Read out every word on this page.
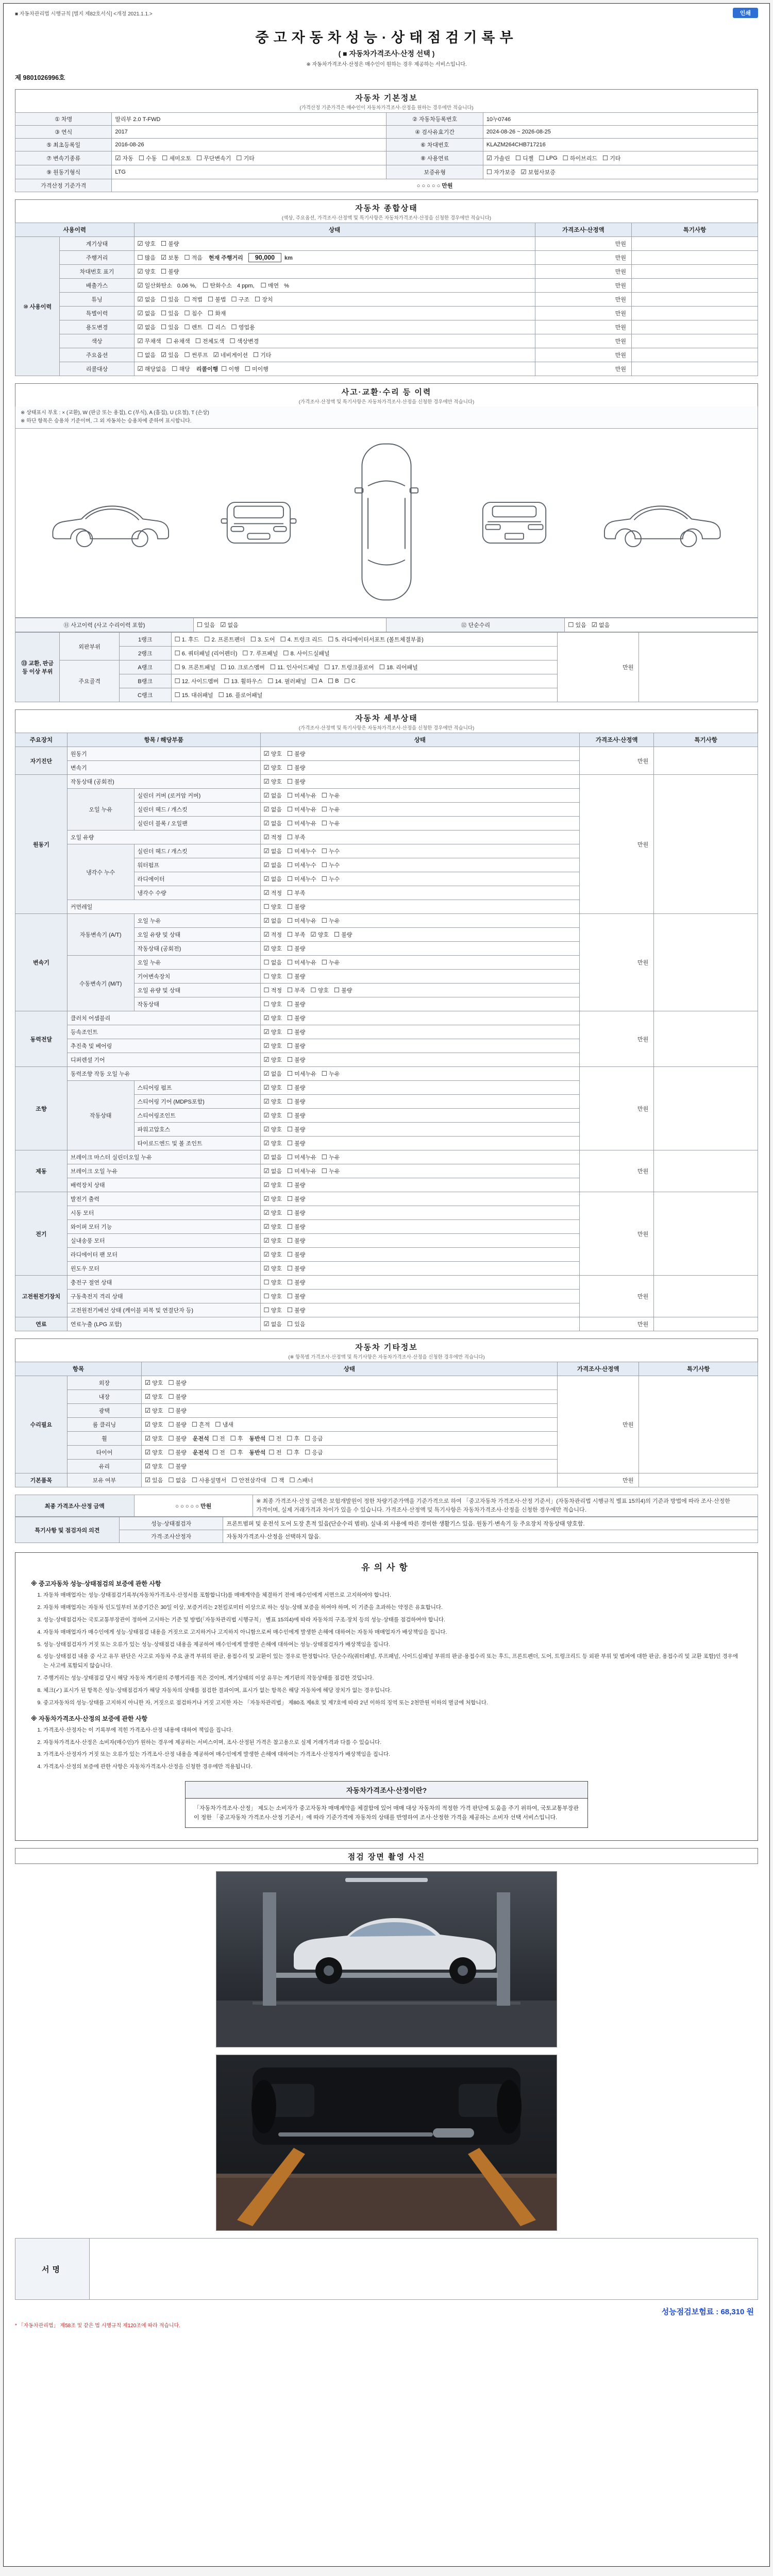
■ 자동차관리법 시행규칙 [별지 제82호서식] <개정 2021.1.1.>	인쇄
중고자동차성능·상태점검기록부
( ■ 자동차가격조사·산정 선택 )
※ 자동차가격조사·산정은 매수인이 원하는 경우 제공하는 서비스입니다.
제 9801026996호
자동차 기본정보
(가격산정 기준가격은 매수인이 자동차가격조사·산정을 원하는 경우에만 적습니다)
① 차명	말리부 2.0 T-FWD	② 자동차등록번호	10누0746
③ 연식	2017	④ 검사유효기간	2024-08-26 ~ 2026-08-25
⑤ 최초등록일	2016-08-26	⑥ 차대번호	KLAZM264CHB717216
⑦ 변속기종류	☑ 자동 ☐ 수동 ☐ 세미오토 ☐ 무단변속기 ☐ 기타	⑧ 사용연료	☑ 가솔린 ☐ 디젤 ☐ LPG ☐ 하이브리드 ☐ 기타

⑨ 원동기형식	LTG	보증유형	☐ 자가보증 ☑ 보험사보증

가격산정 기준가격	○ ○ ○ ○ ○ 만원		
자동차 종합상태
(색상, 주요옵션, 가격조사·산정액 및 특기사항은 자동차가격조사·산정을 신청한 경우에만 적습니다)
사용이력		상태	가격조사·산정액	특기사항
⑩ 사용이력	계기상태	☑ 양호 ☐ 불량	만원	
주행거리	☐ 많음 ☑ 보통 ☐ 적음 현재 주행거리 90,000 km	만원	
	차대번호 표기	☑ 양호 ☐ 불량	만원	
배출가스	☑ 일산화탄소 0.06 %, ☐ 탄화수소 4 ppm, ☐ 매연 %	만원	
튜닝	☑ 없음 ☐ 있음 ☐ 적법 ☐ 불법 ☐ 구조 ☐ 장치	만원	
특별이력	☑ 없음 ☐ 있음 ☐ 침수 ☐ 화재	만원	
용도변경	☑ 없음 ☐ 있음 ☐ 렌트 ☐ 리스 ☐ 영업용	만원	
색상	☑ 무채색 ☐ 유채색 ☐ 전체도색 ☐ 색상변경	만원	
주요옵션	☐ 없음 ☑ 있음 ☐ 썬루프 ☑ 네비게이션 ☐ 기타	만원	
리콜대상	☑ 해당없음 ☐ 해당 리콜이행 ☐ 이행 ☐ 미이행	만원	
사고·교환·수리 등 이력
(가격조사·산정액 및 특기사항은 자동차가격조사·산정을 신청한 경우에만 적습니다)
※ 상태표시 부호 : × (교환), W (판금 또는 용접), C (부식), A (흠집), U (요철), T (손상)
※ 하단 항목은 승용차 기준이며, 그 외 자동차는 승용차에 준하여 표시합니다.
⑪ 사고이력 (사고 수리이력 포함)	☐ 있음 ☑ 없음	⑫ 단순수리	☐ 있음 ☑ 없음
⑬ 교환, 판금 등 이상 부위	외판부위	1랭크	☐ 1. 후드 ☐ 2. 프론트펜더 ☐ 3. 도어 ☐ 4. 트렁크 리드 ☐ 5. 라디에이터서포트 (볼트체결부품)
	만원	
2랭크	☐ 6. 쿼터패널 (리어펜더) ☐ 7. 루프패널 ☐ 8. 사이드실패널

주요골격	A랭크	☐ 9. 프론트패널 ☐ 10. 크로스멤버 ☐ 11. 인사이드패널 ☐ 17. 트렁크플로어 ☐ 18. 리어패널

B랭크	☐ 12. 사이드멤버 ☐ 13. 휠하우스 ☐ 14. 필러패널 ☐ A ☐ B ☐ C

		C랭크	☐ 15. 대쉬패널 ☐ 16. 플로어패널		
자동차 세부상태
(가격조사·산정액 및 특기사항은 자동차가격조사·산정을 신청한 경우에만 적습니다)
주요장치	항목 / 해당부품		상태	가격조사·산정액	특기사항
자기진단	원동기		☑ 양호 ☐ 불량	만원	
	변속기		☑ 양호 ☐ 불량		

원동기	작동상태 (공회전)		☑ 양호 ☐ 불량	만원	
오일 누유	실린더 커버 (로커암 커버)	☑ 없음 ☐ 미세누유 ☐ 누유

실린더 헤드 / 개스킷	☑ 없음 ☐ 미세누유 ☐ 누유

실린더 블록 / 오일팬	☑ 없음 ☐ 미세누유 ☐ 누유

	오일 유량		☑ 적정 ☐ 부족		

냉각수 누수	실린더 헤드 / 개스킷	☑ 없음 ☐ 미세누수 ☐ 누수

워터펌프	☑ 없음 ☐ 미세누수 ☐ 누수

라디에이터	☑ 없음 ☐ 미세누수 ☐ 누수

		냉각수 수량	☑ 적정 ☐ 부족		

	커먼레일		☐ 양호 ☐ 불량		

변속기	자동변속기 (A/T)	오일 누유	☑ 없음 ☐ 미세누유 ☐ 누유
	만원	
오일 유량 및 상태	☑ 적정 ☐ 부족 ☑ 양호 ☐ 불량

		작동상태 (공회전)	☑ 양호 ☐ 불량		

수동변속기 (M/T)	오일 누유	☐ 없음 ☐ 미세누유 ☐ 누유

		기어변속장치	☐ 양호 ☐ 불량		

오일 유량 및 상태	☐ 적정 ☐ 부족 ☐ 양호 ☐ 불량

		작동상태	☐ 양호 ☐ 불량		

동력전달	클러치 어셈블리		☑ 양호 ☐ 불량	만원	
	등속조인트		☑ 양호 ☐ 불량		

	추진축 및 베어링		☑ 양호 ☐ 불량		

	디퍼렌셜 기어		☑ 양호 ☐ 불량		

조향	동력조향 작동 오일 누유	☑ 없음 ☐ 미세누유 ☐ 누유
	만원	
	작동상태	스티어링 펌프	☑ 양호 ☐ 불량		

		스티어링 기어 (MDPS포함)	☑ 양호 ☐ 불량		

		스티어링조인트	☑ 양호 ☐ 불량		

		파워고압호스	☑ 양호 ☐ 불량		

		타이로드엔드 및 볼 조인트	☑ 양호 ☐ 불량		

제동	브레이크 마스터 실린더오일 누유	☑ 없음 ☐ 미세누유 ☐ 누유
	만원	
브레이크 오일 누유	☑ 없음 ☐ 미세누유 ☐ 누유

	배력장치 상태		☑ 양호 ☐ 불량		

전기	발전기 출력		☑ 양호 ☐ 불량	만원	
	시동 모터		☑ 양호 ☐ 불량		

	와이퍼 모터 기능		☑ 양호 ☐ 불량		

	실내송풍 모터		☑ 양호 ☐ 불량		

	라디에이터 팬 모터		☑ 양호 ☐ 불량		

	윈도우 모터		☑ 양호 ☐ 불량		

고전원전기장치	충전구 절연 상태		☐ 양호 ☐ 불량	만원	
	구동축전지 격리 상태		☐ 양호 ☐ 불량		

	고전원전기배선 상태 (케이블 피복 및 연결단자 등)		☐ 양호 ☐ 불량		

연료	연료누출 (LPG 포함)		☑ 없음 ☐ 있음	만원	
자동차 기타정보
(※ 항목별 가격조사·산정액 및 특기사항은 자동차가격조사·산정을 신청한 경우에만 적습니다)
항목		상태	가격조사·산정액	특기사항
수리필요	외장	☑ 양호 ☐ 불량	만원	
	내장	☑ 양호 ☐ 불량		

	광택	☑ 양호 ☐ 불량		

룸 클리닝	☑ 양호 ☐ 불량 ☐ 흔적 ☐ 냄새

휠	☑ 양호 ☐ 불량 운전석 ☐ 전 ☐ 후 동반석 ☐ 전 ☐ 후 ☐ 응급

타이어	☑ 양호 ☐ 불량 운전석 ☐ 전 ☐ 후 동반석 ☐ 전 ☐ 후 ☐ 응급

	유리	☑ 양호 ☐ 불량		

기본품목	보유 여부	☑ 있음 ☐ 없음 ☐ 사용설명서 ☐ 안전삼각대 ☐ 잭 ☐ 스패너	만원	
최종 가격조사·산정 금액	○ ○ ○ ○ ○ 만원	※ 최종 가격조사·산정 금액은 보험개발원이 정한 차량기준가액을 기준가격으로 하여 「중고자동차 가격조사·산정 기준서」(자동차관리법 시행규칙 별표 15의4)의 기준과 방법에 따라 조사·산정한 가격이며, 실제 거래가격과 차이가 있을 수 있습니다. 가격조사·산정액 및 특기사항은 자동차가격조사·산정을 신청한 경우에만 적습니다.
특기사항 및 점검자의 의견	성능·상태점검자	프론트범퍼 및 운전석 도어 도장 흔적 있음(단순수리 범위). 실내·외 사용에 따른 경미한 생활기스 있음. 원동기·변속기 등 주요장치 작동상태 양호함.
	가격·조사산정자	자동차가격조사·산정을 선택하지 않음.
유의사항
※ 중고자동차 성능·상태점검의 보증에 관한 사항
1. 자동차 매매업자는 성능·상태점검기록부(자동차가격조사·산정서를 포함합니다)를 매매계약을 체결하기 전에 매수인에게 서면으로 고지하여야 합니다.
2. 자동차 매매업자는 자동차 인도일부터 보증기간은 30일 이상, 보증거리는 2천킬로미터 이상으로 하는 성능·상태 보증을 하여야 하며, 이 기준을 초과하는 약정은 유효합니다.
3. 성능·상태점검자는 국토교통부장관이 정하여 고시하는 기준 및 방법(「자동차관리법 시행규칙」 별표 15의4)에 따라 자동차의 구조·장치 등의 성능·상태를 점검하여야 합니다.
4. 자동차 매매업자가 매수인에게 성능·상태점검 내용을 거짓으로 고지하거나 고지하지 아니함으로써 매수인에게 발생한 손해에 대하여는 자동차 매매업자가 배상책임을 집니다.
5. 성능·상태점검자가 거짓 또는 오류가 있는 성능·상태점검 내용을 제공하여 매수인에게 발생한 손해에 대하여는 성능·상태점검자가 배상책임을 집니다.
6. 성능·상태점검 내용 중 사고 유무 판단은 사고로 자동차 주요 골격 부위의 판금, 용접수리 및 교환이 있는 경우로 한정합니다. 단순수리(쿼터패널, 루프패널, 사이드실패널 부위의 판금·용접수리 또는 후드, 프론트펜더, 도어, 트렁크리드 등 외판 부위 및 범퍼에 대한 판금, 용접수리 및 교환 포함)인 경우에는 사고에 포함되지 않습니다.
7. 주행거리는 성능·상태점검 당시 해당 자동차 계기판의 주행거리를 적은 것이며, 계기상태의 이상 유무는 계기판의 작동상태를 점검한 것입니다.
8. 체크(✓) 표시가 된 항목은 성능·상태점검자가 해당 자동차의 상태를 점검한 결과이며, 표시가 없는 항목은 해당 자동차에 해당 장치가 없는 경우입니다.
9. 중고자동차의 성능·상태를 고지하지 아니한 자, 거짓으로 점검하거나 거짓 고지한 자는 「자동차관리법」 제80조 제6호 및 제7호에 따라 2년 이하의 징역 또는 2천만원 이하의 벌금에 처합니다.
※ 자동차가격조사·산정의 보증에 관한 사항
1. 가격조사·산정자는 이 기록부에 적힌 가격조사·산정 내용에 대하여 책임을 집니다.
2. 자동차가격조사·산정은 소비자(매수인)가 원하는 경우에 제공하는 서비스이며, 조사·산정된 가격은 참고용으로 실제 거래가격과 다를 수 있습니다.
3. 가격조사·산정자가 거짓 또는 오류가 있는 가격조사·산정 내용을 제공하여 매수인에게 발생한 손해에 대하여는 가격조사·산정자가 배상책임을 집니다.
4. 가격조사·산정의 보증에 관한 사항은 자동차가격조사·산정을 신청한 경우에만 적용됩니다.
자동차가격조사·산정이란?
「자동차가격조사·산정」 제도는 소비자가 중고자동차 매매계약을 체결함에 있어 매매 대상 자동차의 적정한 가격 판단에 도움을 주기 위하여, 국토교통부장관이 정한 「중고자동차 가격조사·산정 기준서」에 따라 기준가격에 자동차의 상태를 반영하여 조사·산정한 가격을 제공하는 소비자 선택 서비스입니다.
점검 장면 촬영 사진
서명	
성능점검보험료 : 68,310 원
* 「자동차관리법」 제58조 및 같은 법 시행규칙 제120조에 따라 적습니다.
